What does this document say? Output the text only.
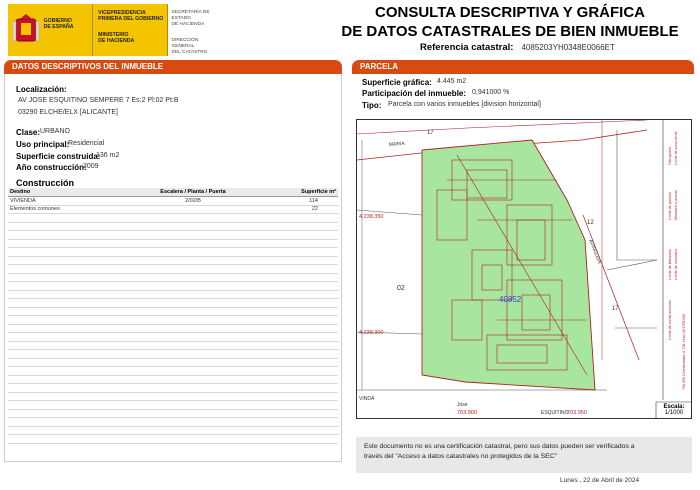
GOBIERNO
DE ESPAÑA
VICEPRESIDENCIA
PRIMERA DEL GOBIERNO
MINISTERIO
DE HACIENDA
SECRETARÍA DE ESTADO
DE HACIENDA
DIRECCIÓN GENERAL
DEL CATASTRO
CONSULTA DESCRIPTIVA Y GRÁFICA
DE DATOS CATASTRALES DE BIEN INMUEBLE
Referencia catastral: 4085203YH0348E0066ET
DATOS DESCRIPTIVOS DEL INMUEBLE
Localización:
AV JOSE ESQUITINO SEMPERE 7 Es:2 Pl:02 Pt:B
03290 ELCHE/ELX [ALICANTE]
Clase: URBANO
Uso principal:
Residencial
Superficie construida:
136 m2
Año construcción:
2009
Construcción
Destino	Escalera / Planta / Puerta	Superficie m²
VIVIENDA	2/02/B	114
Elementos comunes		22

PARCELA
Superficie gráfica: 4.445 m2
Participación del inmueble: 0,941000 %
Tipo: Parcela con varios inmuebles [division horizontal]
40852
02
12
17
17
4.238.350
4.238.300
703.900	703.950
MARIA
AVINGUDA
Jose
ESQUITINO
VINDA
Hidrografía Límite de zona verde
Límite de parcela Mobiliario y aceras
Límite de Manzana Límite de municipio
Límite de construcciones	700.000 Coordenadas U.T.M. Huso 30 ETRS89
Escala:
1/1000
Este documento no es una certificación catastral, pero sus datos pueden ser verificados a
través del "Acceso a datos catastrales no protegidos de la SEC"
Lunes , 22 de Abril de 2024
